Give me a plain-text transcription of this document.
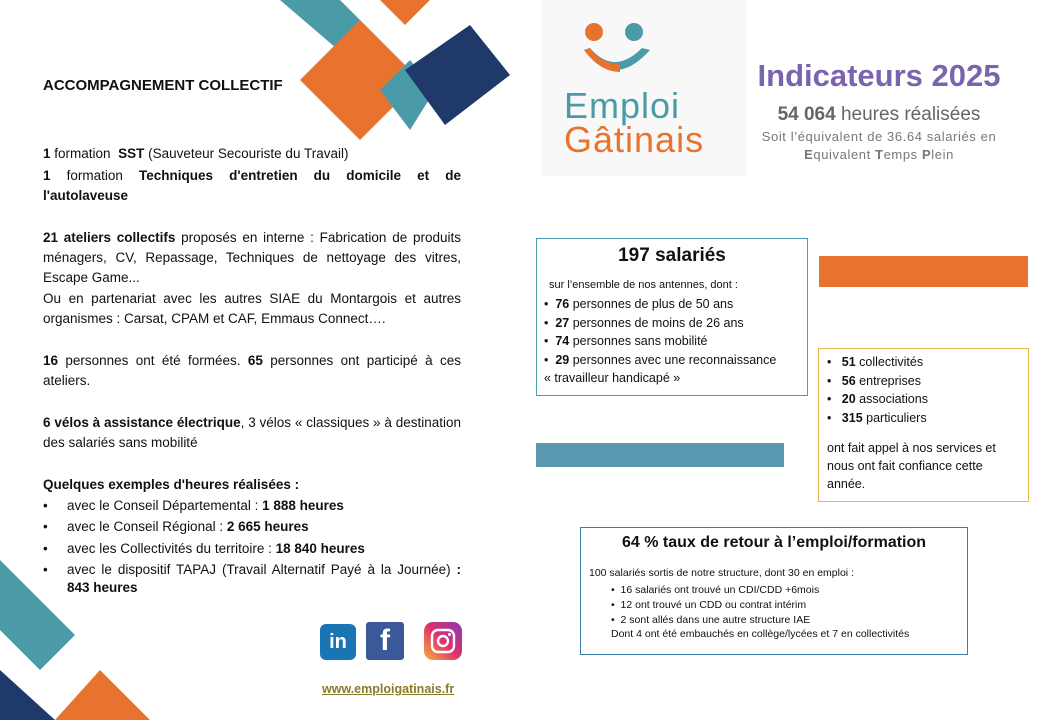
ACCOMPAGNEMENT COLLECTIF
1 formation SST (Sauveteur Secouriste du Travail)
1 formation Techniques d'entretien du domicile et de l'autolaveuse
21 ateliers collectifs proposés en interne : Fabrication de produits ménagers, CV, Repassage, Techniques de nettoyage des vitres, Escape Game...
Ou en partenariat avec les autres SIAE du Montargois et autres organismes : Carsat, CPAM et CAF, Emmaus Connect….
16 personnes ont été formées. 65 personnes ont participé à ces ateliers.
6 vélos à assistance électrique, 3 vélos « classiques » à destination des salariés sans mobilité
Quelques exemples d'heures réalisées :
• avec le Conseil Départemental : 1 888 heures
• avec le Conseil Régional : 2 665 heures
• avec les Collectivités du territoire : 18 840 heures
• avec le dispositif TAPAJ (Travail Alternatif Payé à la Journée) : 843 heures
in f
www.emploigatinais.fr
Emploi
Gâtinais
Indicateurs 2025
54 064 heures réalisées
Soit l’équivalent de 36.64 salariés en
Equivalent Temps Plein
197 salariés
sur l’ensemble de nos antennes, dont :
•  76 personnes de plus de 50 ans
•  27 personnes de moins de 26 ans
•  74 personnes sans mobilité
•  29 personnes avec une reconnaissance
« travailleur handicapé »
•   51 collectivités
•   56 entreprises
•   20 associations
•   315 particuliers
ont fait appel à nos services et nous ont fait confiance cette année.
64 % taux de retour à l’emploi/formation
100 salariés sortis de notre structure, dont 30 en emploi :
•  16 salariés ont trouvé un CDI/CDD +6mois
•  12 ont trouvé un CDD ou contrat intérim
•  2 sont allés dans une autre structure IAE
Dont 4 ont été embauchés en collège/lycées et 7 en collectivités
